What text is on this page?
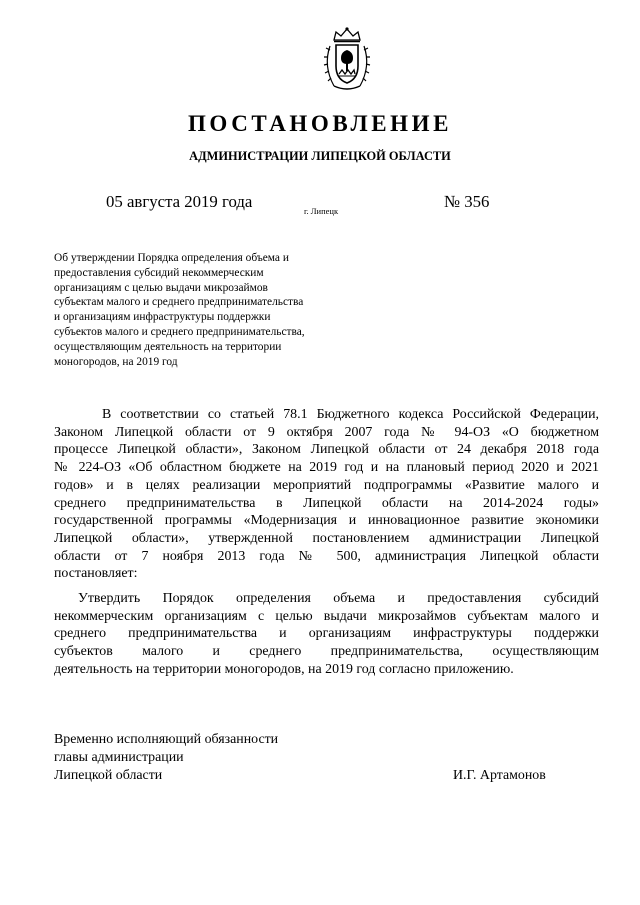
ПОСТАНОВЛЕНИЕ
АДМИНИСТРАЦИИ ЛИПЕЦКОЙ ОБЛАСТИ
05 августа 2019 года	г. Липецк	№ 356
Об утверждении Порядка определения объема и
предоставления субсидий некоммерческим
организациям с целью выдачи микрозаймов
субъектам малого и среднего предпринимательства
и организациям инфраструктуры поддержки
субъектов малого и среднего предпринимательства,
осуществляющим деятельность на территории
моногородов, на 2019 год
В соответствии со статьей 78.1 Бюджетного кодекса Российской Федерации,
Законом Липецкой области от 9 октября 2007 года № 94-ОЗ «О бюджетном
процессе Липецкой области», Законом Липецкой области от 24 декабря 2018 года
№ 224-ОЗ «Об областном бюджете на 2019 год и на плановый период 2020 и 2021
годов» и в целях реализации мероприятий подпрограммы «Развитие малого и
среднего предпринимательства в Липецкой области на 2014-2024 годы»
государственной программы «Модернизация и инновационное развитие экономики
Липецкой области», утвержденной постановлением администрации Липецкой
области от 7 ноября 2013 года № 500, администрация Липецкой области
постановляет:
Утвердить Порядок определения объема и предоставления субсидий
некоммерческим организациям с целью выдачи микрозаймов субъектам малого и
среднего предпринимательства и организациям инфраструктуры поддержки
субъектов малого и среднего предпринимательства, осуществляющим
деятельность на территории моногородов, на 2019 год согласно приложению.
Временно исполняющий обязанности
главы администрации
Липецкой области	И.Г. Артамонов
